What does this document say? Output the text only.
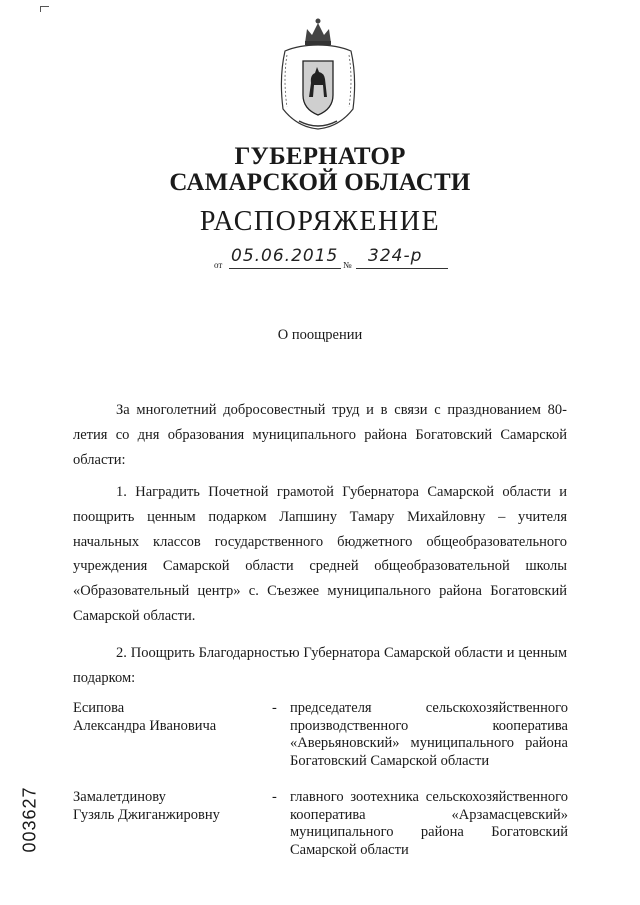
ГУБЕРНАТОР
САМАРСКОЙ ОБЛАСТИ
РАСПОРЯЖЕНИЕ
от 05.06.2015 № 324-р
О поощрении
За многолетний добросовестный труд и в связи с празднованием 80-летия со дня образования муниципального района Богатовский Самарской области:
1. Наградить Почетной грамотой Губернатора Самарской области и поощрить ценным подарком Лапшину Тамару Михайловну – учителя начальных классов государственного бюджетного общеобразовательного учреждения Самарской области средней общеобразовательной школы «Образовательный центр» с. Съезжее муниципального района Богатовский Самарской области.
2. Поощрить Благодарностью Губернатора Самарской области и ценным подарком:
Есипова
Александра Ивановича
- председателя сельскохозяйственного производственного кооператива «Аверьяновский» муниципального района Богатовский Самарской области
Замалетдинову
Гузяль Джиганжировну
- главного зоотехника сельскохозяйственного кооператива «Арзамасцевский» муниципального района Богатовский Самарской области
003627
